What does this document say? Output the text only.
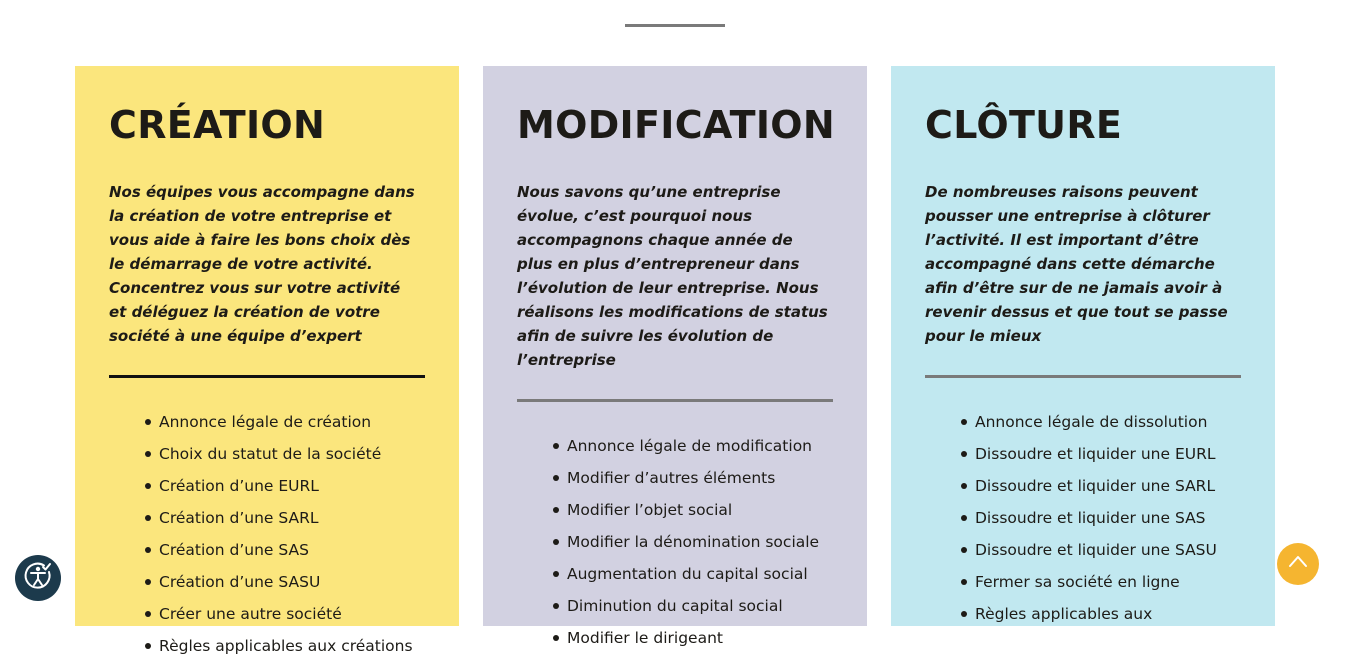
CRÉATION

Nos équipes vous accompagne dans la création de votre entreprise et vous aide à faire les bons choix dès le démarrage de votre activité. Concentrez vous sur votre activité et déléguez la création de votre société à une équipe d’expert

Annonce légale de création
Choix du statut de la société
Création d’une EURL
Création d’une SARL
Création d’une SAS
Création d’une SASU
Créer une autre société
Règles applicables aux créations
MODIFICATION

Nous savons qu’une entreprise évolue, c’est pourquoi nous accompagnons chaque année de plus en plus d’entrepreneur dans l’évolution de leur entreprise. Nous réalisons les modifications de status afin de suivre les évolution de l’entreprise

Annonce légale de modification
Modifier d’autres éléments
Modifier l’objet social
Modifier la dénomination sociale
Augmentation du capital social
Diminution du capital social
Modifier le dirigeant
CLÔTURE

De nombreuses raisons peuvent pousser une entreprise à clôturer l’activité. Il est important d’être accompagné dans cette démarche afin d’être sur de ne jamais avoir à revenir dessus et que tout se passe pour le mieux

Annonce légale de dissolution
Dissoudre et liquider une EURL
Dissoudre et liquider une SARL
Dissoudre et liquider une SAS
Dissoudre et liquider une SASU
Fermer sa société en ligne
Règles applicables aux
